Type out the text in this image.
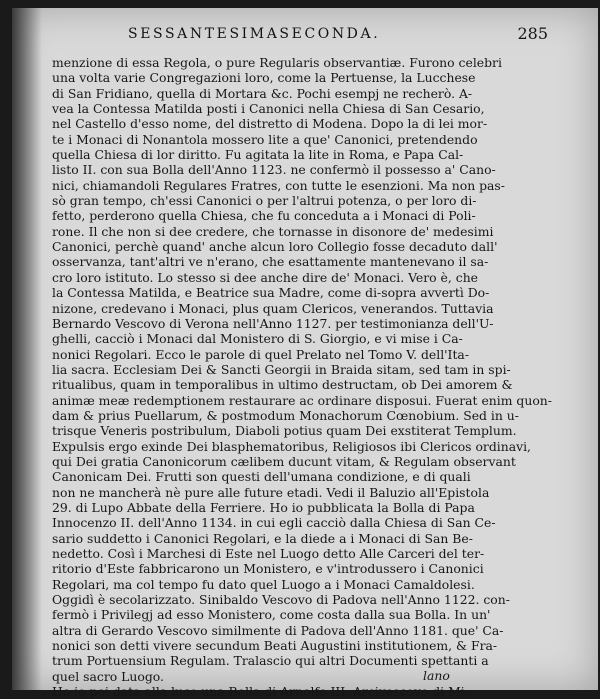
SESSANTESIMASECONDA.	285
menzione di essa Regola, o pure Regularis observantiæ. Furono celebri
una volta varie Congregazioni loro, come la Pertuense, la Lucchese
di San Fridiano, quella di Mortara &c. Pochi esempj ne recherò. A-
vea la Contessa Matilda posti i Canonici nella Chiesa di San Cesario,
nel Castello d'esso nome, del distretto di Modena. Dopo la di lei mor-
te i Monaci di Nonantola mossero lite a que' Canonici, pretendendo
quella Chiesa di lor diritto. Fu agitata la lite in Roma, e Papa Cal-
listo II. con sua Bolla dell'Anno 1123. ne confermò il possesso a' Cano-
nici, chiamandoli Regulares Fratres, con tutte le esenzioni. Ma non pas-
sò gran tempo, ch'essi Canonici o per l'altrui potenza, o per loro di-
fetto, perderono quella Chiesa, che fu conceduta a i Monaci di Poli-
rone. Il che non si dee credere, che tornasse in disonore de' medesimi
Canonici, perchè quand' anche alcun loro Collegio fosse decaduto dall'
osservanza, tant'altri ve n'erano, che esattamente mantenevano il sa-
cro loro istituto. Lo stesso si dee anche dire de' Monaci. Vero è, che
la Contessa Matilda, e Beatrice sua Madre, come di-sopra avvertì Do-
nizone, credevano i Monaci, plus quam Clericos, venerandos. Tuttavia
Bernardo Vescovo di Verona nell'Anno 1127. per testimonianza dell'U-
ghelli, cacciò i Monaci dal Monistero di S. Giorgio, e vi mise i Ca-
nonici Regolari. Ecco le parole di quel Prelato nel Tomo V. dell'Ita-
lia sacra. Ecclesiam Dei & Sancti Georgii in Braida sitam, sed tam in spi-
ritualibus, quam in temporalibus in ultimo destructam, ob Dei amorem &
animæ meæ redemptionem restaurare ac ordinare disposui. Fuerat enim quon-
dam & prius Puellarum, & postmodum Monachorum Cœnobium. Sed in u-
trisque Veneris postribulum, Diaboli potius quam Dei exstiterat Templum.
Expulsis ergo exinde Dei blasphematoribus, Religiosos ibi Clericos ordinavi,
qui Dei gratia Canonicorum cælibem ducunt vitam, & Regulam observant
Canonicam Dei. Frutti son questi dell'umana condizione, e di quali
non ne mancherà nè pure alle future etadi. Vedi il Baluzio all'Epistola
29. di Lupo Abbate della Ferriere. Ho io pubblicata la Bolla di Papa
Innocenzo II. dell'Anno 1134. in cui egli cacciò dalla Chiesa di San Ce-
sario suddetto i Canonici Regolari, e la diede a i Monaci di San Be-
nedetto. Così i Marchesi di Este nel Luogo detto Alle Carceri del ter-
ritorio d'Este fabbricarono un Monistero, e v'introdussero i Canonici
Regolari, ma col tempo fu dato quel Luogo a i Monaci Camaldolesi.
Oggidì è secolarizzato. Sinibaldo Vescovo di Padova nell'Anno 1122. con-
fermò i Privilegj ad esso Monistero, come costa dalla sua Bolla. In un'
altra di Gerardo Vescovo similmente di Padova dell'Anno 1181. que' Ca-
nonici son detti vivere secundum Beati Augustini institutionem, & Fra-
trum Portuensium Regulam. Tralascio qui altri Documenti spettanti a
quel sacro Luogo.
Ho io poi data alla luce una Bolla di Arnolfo III, Arcivescovo di Mi-
lano
